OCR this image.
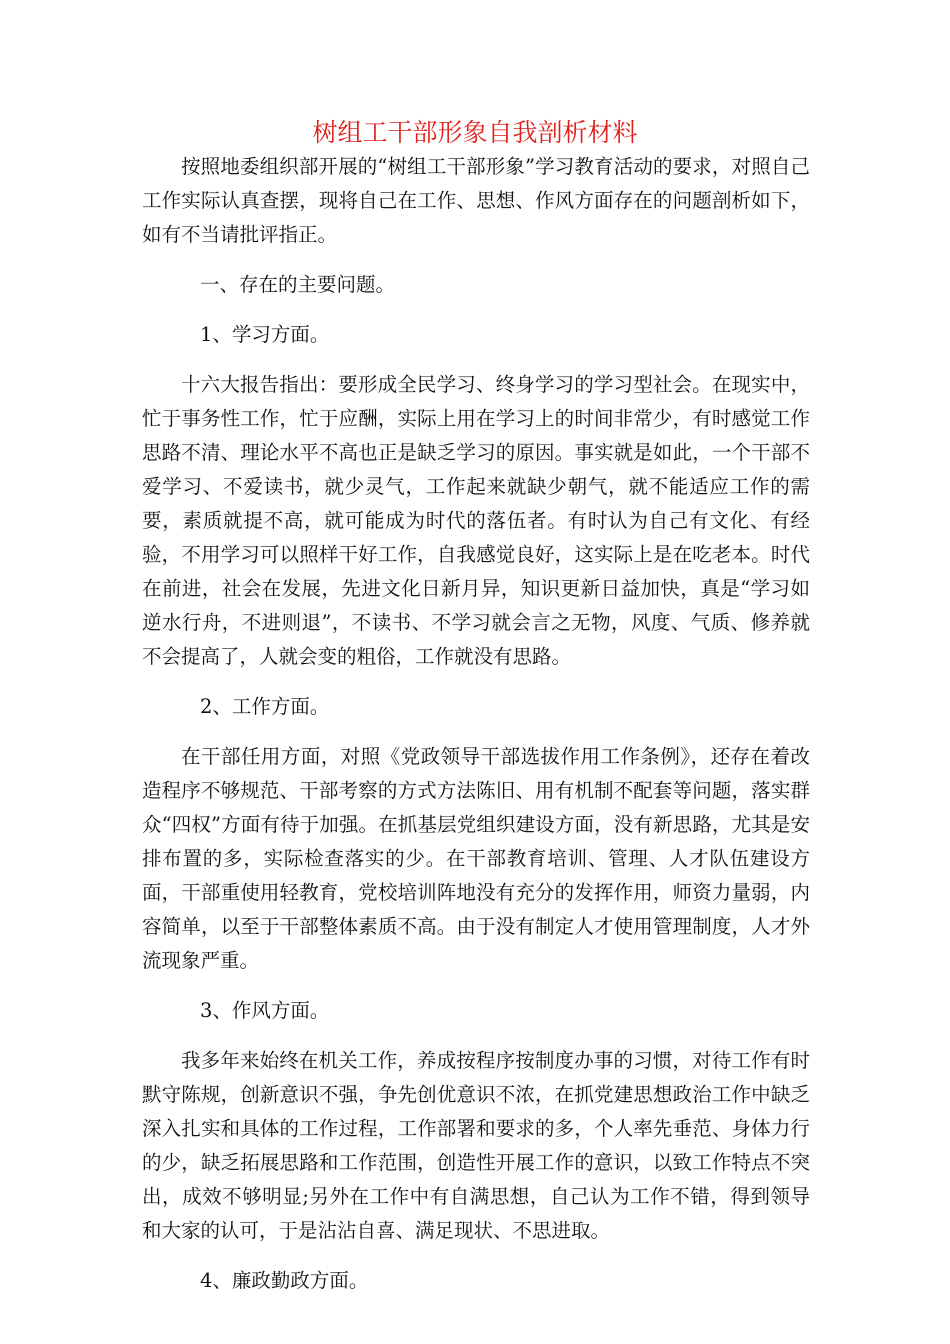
树组工干部形象自我剖析材料

按照地委组织部开展的“树组工干部形象”学习教育活动的要求，对照自己工作实际认真查摆，现将自己在工作、思想、作风方面存在的问题剖析如下，如有不当请批评指正。

一、存在的主要问题。

1、学习方面。

十六大报告指出：要形成全民学习、终身学习的学习型社会。在现实中，忙于事务性工作，忙于应酬，实际上用在学习上的时间非常少，有时感觉工作思路不清、理论水平不高也正是缺乏学习的原因。事实就是如此，一个干部不爱学习、不爱读书，就少灵气，工作起来就缺少朝气，就不能适应工作的需要，素质就提不高，就可能成为时代的落伍者。有时认为自己有文化、有经验，不用学习可以照样干好工作，自我感觉良好，这实际上是在吃老本。时代在前进，社会在发展，先进文化日新月异，知识更新日益加快，真是“学习如逆水行舟，不进则退”，不读书、不学习就会言之无物，风度、气质、修养就不会提高了，人就会变的粗俗，工作就没有思路。

2、工作方面。

在干部任用方面，对照《党政领导干部选拔作用工作条例》，还存在着改造程序不够规范、干部考察的方式方法陈旧、用有机制不配套等问题，落实群众“四权”方面有待于加强。在抓基层党组织建设方面，没有新思路，尤其是安排布置的多，实际检查落实的少。在干部教育培训、管理、人才队伍建设方面，干部重使用轻教育，党校培训阵地没有充分的发挥作用，师资力量弱，内容简单，以至于干部整体素质不高。由于没有制定人才使用管理制度，人才外流现象严重。

3、作风方面。

我多年来始终在机关工作，养成按程序按制度办事的习惯，对待工作有时默守陈规，创新意识不强，争先创优意识不浓，在抓党建思想政治工作中缺乏深入扎实和具体的工作过程，工作部署和要求的多，个人率先垂范、身体力行的少，缺乏拓展思路和工作范围，创造性开展工作的意识，以致工作特点不突出，成效不够明显;另外在工作中有自满思想，自己认为工作不错，得到领导和大家的认可，于是沾沾自喜、满足现状、不思进取。

4、廉政勤政方面。
